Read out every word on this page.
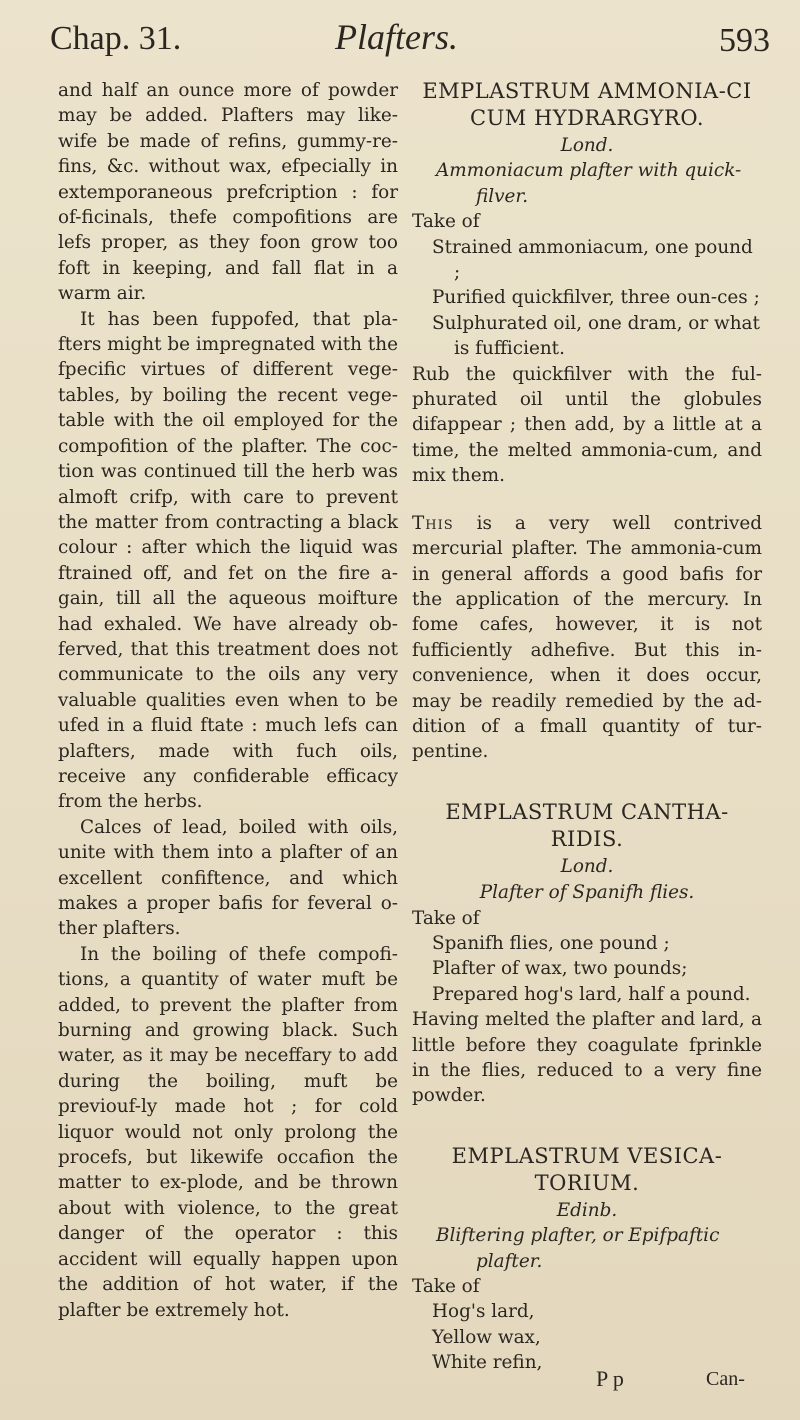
Chap. 31.	Plafters.	593

and half an ounce more of powder may be added. Plafters may like-wife be made of refins, gummy-re-fins, &c. without wax, efpecially in extemporaneous prefcription : for of-ficinals, thefe compofitions are lefs proper, as they foon grow too foft in keeping, and fall flat in a warm air.

It has been fuppofed, that pla-fters might be impregnated with the fpecific virtues of different vege-tables, by boiling the recent vege-table with the oil employed for the compofition of the plafter. The coc-tion was continued till the herb was almoft crifp, with care to prevent the matter from contracting a black colour : after which the liquid was ftrained off, and fet on the fire a-gain, till all the aqueous moifture had exhaled. We have already ob-ferved, that this treatment does not communicate to the oils any very valuable qualities even when to be ufed in a fluid ftate : much lefs can plafters, made with fuch oils, receive any confiderable efficacy from the herbs.

Calces of lead, boiled with oils, unite with them into a plafter of an excellent confiftence, and which makes a proper bafis for feveral o-ther plafters.

In the boiling of thefe compofi-tions, a quantity of water muft be added, to prevent the plafter from burning and growing black. Such water, as it may be neceffary to add during the boiling, muft be previouf-ly made hot ; for cold liquor would not only prolong the procefs, but likewife occafion the matter to ex-plode, and be thrown about with violence, to the great danger of the operator : this accident will equally happen upon the addition of hot water, if the plafter be extremely hot.

EMPLASTRUM AMMONIA-CI CUM HYDRARGYRO.
Lond.
Ammoniacum plafter with quick-filver.
Take of
Strained ammoniacum, one pound ;
Purified quickfilver, three oun-ces ;
Sulphurated oil, one dram, or what is fufficient.

Rub the quickfilver with the ful-phurated oil until the globules difappear ; then add, by a little at a time, the melted ammonia-cum, and mix them.

This is a very well contrived mercurial plafter. The ammonia-cum in general affords a good bafis for the application of the mercury. In fome cafes, however, it is not fufficiently adhefive. But this in-convenience, when it does occur, may be readily remedied by the ad-dition of a fmall quantity of tur-pentine.

EMPLASTRUM CANTHA-RIDIS.
Lond.
Plafter of Spanifh flies.
Take of
Spanifh flies, one pound ;
Plafter of wax, two pounds;
Prepared hog's lard, half a pound.

Having melted the plafter and lard, a little before they coagulate fprinkle in the flies, reduced to a very fine powder.

EMPLASTRUM VESICA-TORIUM.
Edinb.
Bliftering plafter, or Epifpaftic plafter.
Take of
Hog's lard,
Yellow wax,
White refin,
P p	Can-
